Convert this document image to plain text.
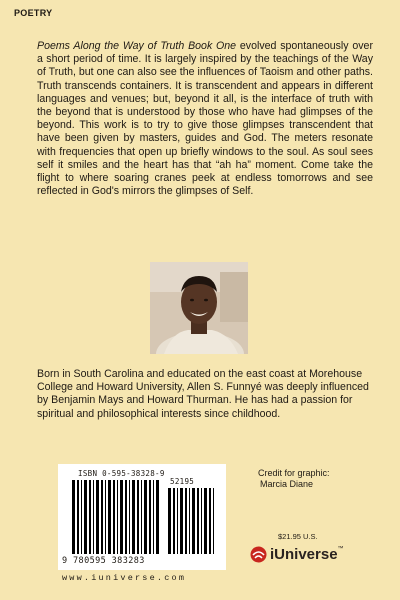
POETRY

Poems Along the Way of Truth Book One evolved spontaneously over a short period of time. It is largely inspired by the teachings of the Way of Truth, but one can also see the influences of Taoism and other paths. Truth transcends containers. It is transcendent and appears in different languages and venues; but, beyond it all, is the interface of truth with the beyond that is understood by those who have had glimpses of the beyond. This work is to try to give those glimpses transcendent that have been given by masters, guides and God. The meters resonate with frequencies that open up briefly windows to the soul. As soul sees self it smiles and the heart has that “ah ha” moment. Come take the flight to where soaring cranes peek at endless tomorrows and see reflected in God's mirrors the glimpses of Self.

Born in South Carolina and educated on the east coast at Morehouse College and Howard University, Allen S. Funnyé was deeply influenced by Benjamin Mays and Howard Thurman. He has had a passion for spiritual and philosophical interests since childhood.

ISBN 0-595-38328-9
52195
9 780595 383283
www.iuniverse.com
Credit for graphic:
Marcia Diane
$21.95 U.S.
iUniverse™
